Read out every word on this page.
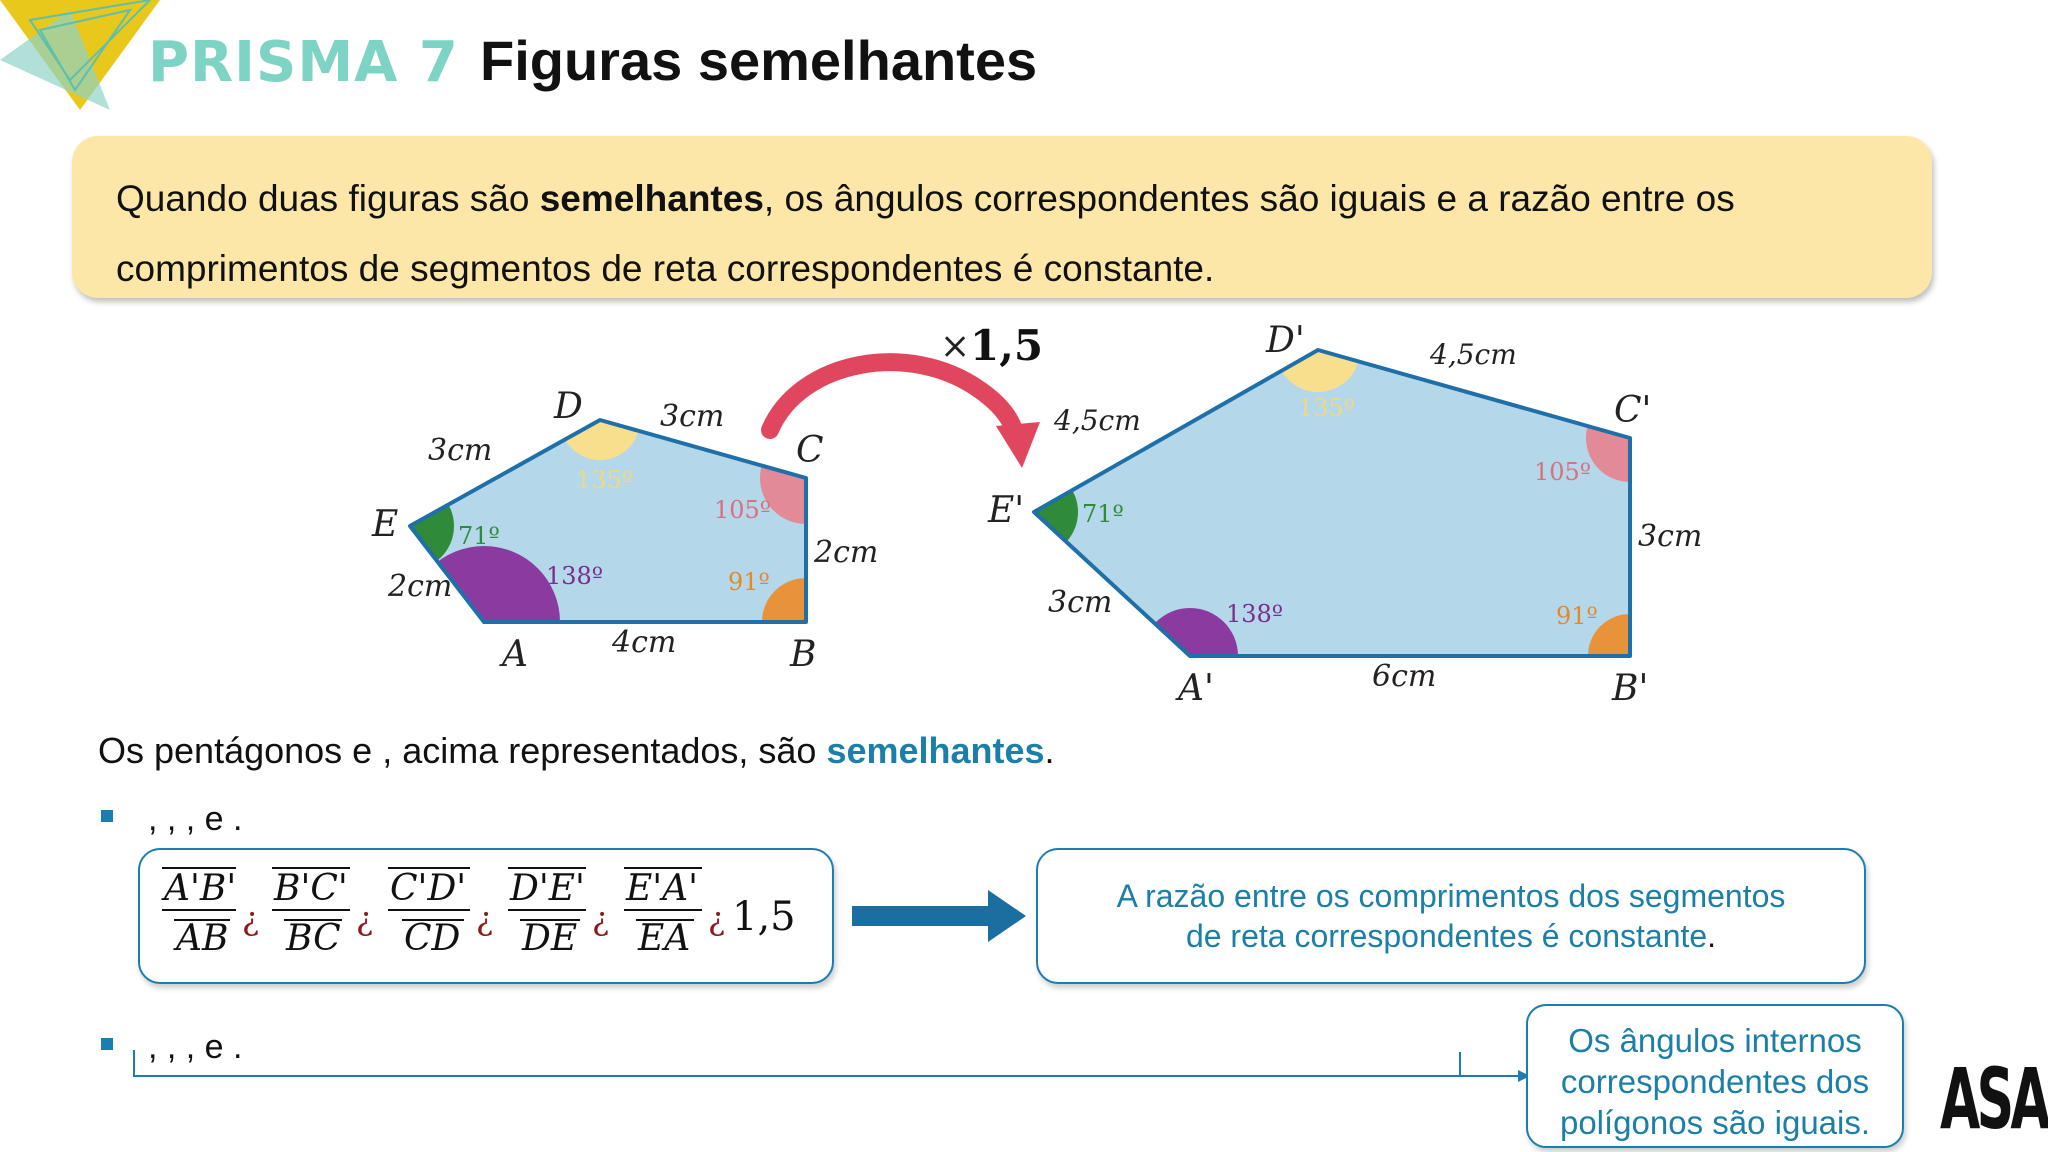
PRISMA 7 Figuras semelhantes
Quando duas figuras são semelhantes, os ângulos correspondentes são iguais e a razão entre os comprimentos de segmentos de reta correspondentes é constante.
A	B
C
D
E
3cm
3cm
2cm
2cm
4cm
138º	91º
105º
135º
71º
× 1,5
A'	B'
C'
D'
E'
4,5cm
4,5cm
3cm
3cm
6cm
138º	91º
105º
135º
71º
Os pentágonos e , acima representados, são semelhantes.
, , , e .
, , , e .
A'B'
AB ¿
B'C'
BC ¿
C'D'
CD ¿
D'E'
DE ¿
E'A'
EA ¿ 1,5	A razão entre os comprimentos dos segmentos
de reta correspondentes é constante.
Os ângulos internos
correspondentes dos
polígonos são iguais. ASA
